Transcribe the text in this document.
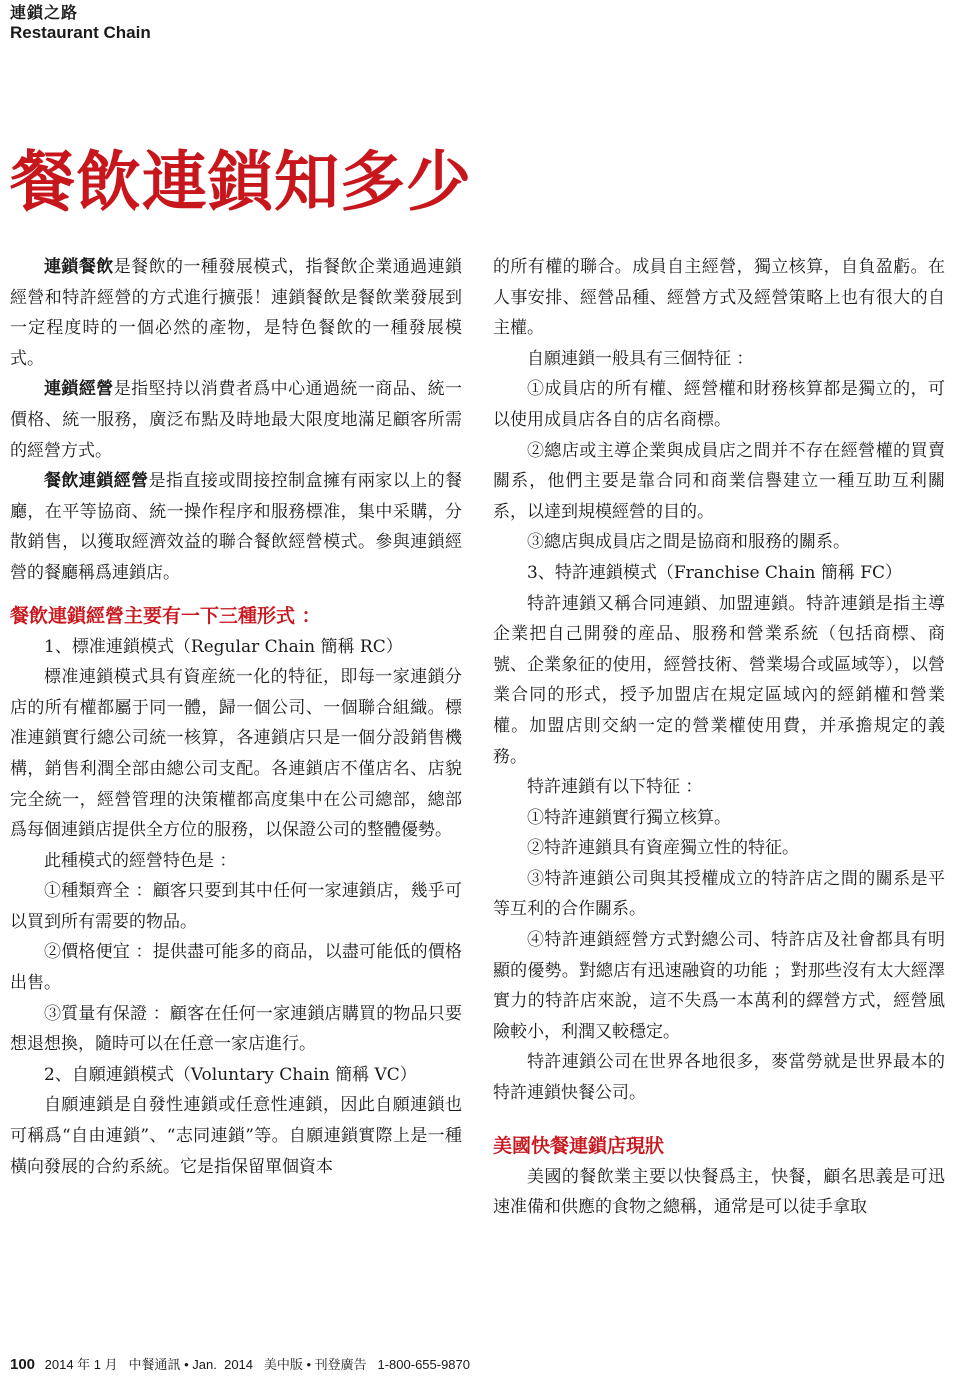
連鎖之路
Restaurant Chain
餐飲連鎖知多少

連鎖餐飲是餐飲的一種發展模式，指餐飲企業通過連鎖經營和特許經營的方式進行擴張！連鎖餐飲是餐飲業發展到一定程度時的一個必然的產物，是特色餐飲的一種發展模式。

連鎖經營是指堅持以消費者爲中心通過統一商品、統一價格、統一服務，廣泛布點及時地最大限度地滿足顧客所需的經營方式。

餐飲連鎖經營是指直接或間接控制盒擁有兩家以上的餐廳，在平等協商、統一操作程序和服務標准，集中采購，分散銷售，以獲取經濟效益的聯合餐飲經營模式。參與連鎖經營的餐廳稱爲連鎖店。

餐飲連鎖經營主要有一下三種形式 ：

1、標准連鎖模式（Regular Chain 簡稱 RC）

標准連鎖模式具有資産統一化的特征，即每一家連鎖分店的所有權都屬于同一體，歸一個公司、一個聯合組織。標准連鎖實行總公司統一核算，各連鎖店只是一個分設銷售機構，銷售利潤全部由總公司支配。各連鎖店不僅店名、店貌完全統一，經營管理的決策權都高度集中在公司總部，總部爲每個連鎖店提供全方位的服務，以保證公司的整體優勢。

此種模式的經營特色是 ：

①種類齊全 ：顧客只要到其中任何一家連鎖店，幾乎可以買到所有需要的物品。

②價格便宜 ：提供盡可能多的商品，以盡可能低的價格出售。

③質量有保證 ：顧客在任何一家連鎖店購買的物品只要想退想換，隨時可以在任意一家店進行。

2、自願連鎖模式（Voluntary Chain 簡稱 VC）

自願連鎖是自發性連鎖或任意性連鎖，因此自願連鎖也可稱爲“自由連鎖”、“志同連鎖”等。自願連鎖實際上是一種橫向發展的合約系統。它是指保留單個資本

的所有權的聯合。成員自主經營，獨立核算，自負盈虧。在人事安排、經營品種、經營方式及經營策略上也有很大的自主權。

自願連鎖一般具有三個特征 ：

①成員店的所有權、經營權和財務核算都是獨立的，可以使用成員店各自的店名商標。

②總店或主導企業與成員店之間并不存在經營權的買賣關系，他們主要是靠合同和商業信譽建立一種互助互利關系，以達到規模經營的目的。

③總店與成員店之間是協商和服務的關系。

3、特許連鎖模式（Franchise Chain 簡稱 FC）

特許連鎖又稱合同連鎖、加盟連鎖。特許連鎖是指主導企業把自己開發的産品、服務和營業系統（包括商標、商號、企業象征的使用，經營技術、營業場合或區域等），以營業合同的形式，授予加盟店在規定區域內的經銷權和營業權。加盟店則交納一定的營業權使用費，并承擔規定的義務。

特許連鎖有以下特征 ：

①特許連鎖實行獨立核算。

②特許連鎖具有資産獨立性的特征。

③特許連鎖公司與其授權成立的特許店之間的關系是平等互利的合作關系。

④特許連鎖經營方式對總公司、特許店及社會都具有明顯的優勢。對總店有迅速融資的功能 ；對那些沒有太大經澤實力的特許店來說，這不失爲一本萬利的繹營方式，經營風險較小，利潤又較穩定。

特許連鎖公司在世界各地很多，麥當勞就是世界最本的特許連鎖快餐公司。

美國快餐連鎖店現狀

美國的餐飲業主要以快餐爲主，快餐，顧名思義是可迅速准備和供應的食物之總稱，通常是可以徒手拿取

100 2014 年 1 月 中餐通訊 • Jan. 2014 美中版 • 刊登廣告 1-800-655-9870
